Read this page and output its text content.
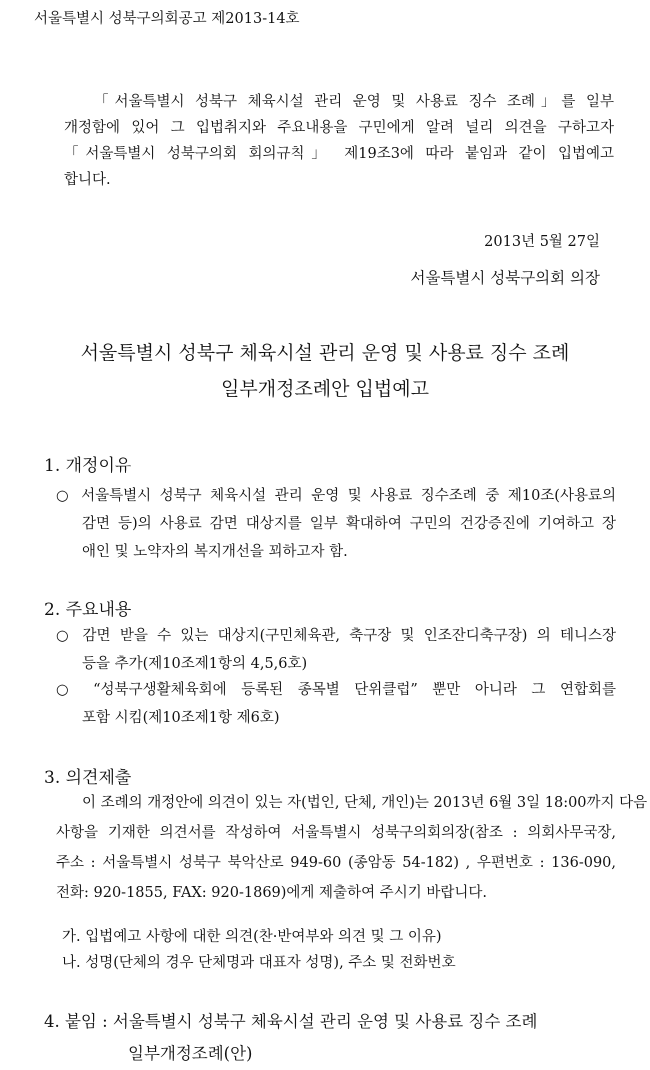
서울특별시 성북구의회공고 제2013-14호
「서울특별시 성북구 체육시설 관리 운영 및 사용료 징수 조례」를 일부
개정함에 있어 그 입법취지와 주요내용을 구민에게 알려 널리 의견을 구하고자
「서울특별시 성북구의회 회의규칙」 제19조3에 따라 붙임과 같이 입법예고
합니다.
2013년 5월 27일
서울특별시 성북구의회 의장
서울특별시 성북구 체육시설 관리 운영 및 사용료 징수 조례
일부개정조례안 입법예고
1. 개정이유
○ 서울특별시 성북구 체육시설 관리 운영 및 사용료 징수조례 중 제10조(사용료의
감면 등)의 사용료 감면 대상지를 일부 확대하여 구민의 건강증진에 기여하고 장
애인 및 노약자의 복지개선을 꾀하고자 함.
2. 주요내용
○ 감면 받을 수 있는 대상지(구민체육관, 축구장 및 인조잔디축구장) 의 테니스장
등을 추가(제10조제1항의 4,5,6호)
○ “성북구생활체육회에 등록된 종목별 단위클럽” 뿐만 아니라 그 연합회를
포함 시킴(제10조제1항 제6호)
3. 의견제출
이 조례의 개정안에 의견이 있는 자(법인, 단체, 개인)는 2013년 6월 3일 18:00까지 다음
사항을 기재한 의견서를 작성하여 서울특별시 성북구의회의장(참조 : 의회사무국장,
주소 : 서울특별시 성북구 북악산로 949-60 (종암동 54-182) , 우편번호 : 136-090,
전화: 920-1855, FAX: 920-1869)에게 제출하여 주시기 바랍니다.
가. 입법예고 사항에 대한 의견(찬·반여부와 의견 및 그 이유)
나. 성명(단체의 경우 단체명과 대표자 성명), 주소 및 전화번호
4. 붙임 : 서울특별시 성북구 체육시설 관리 운영 및 사용료 징수 조례
일부개정조례(안)
